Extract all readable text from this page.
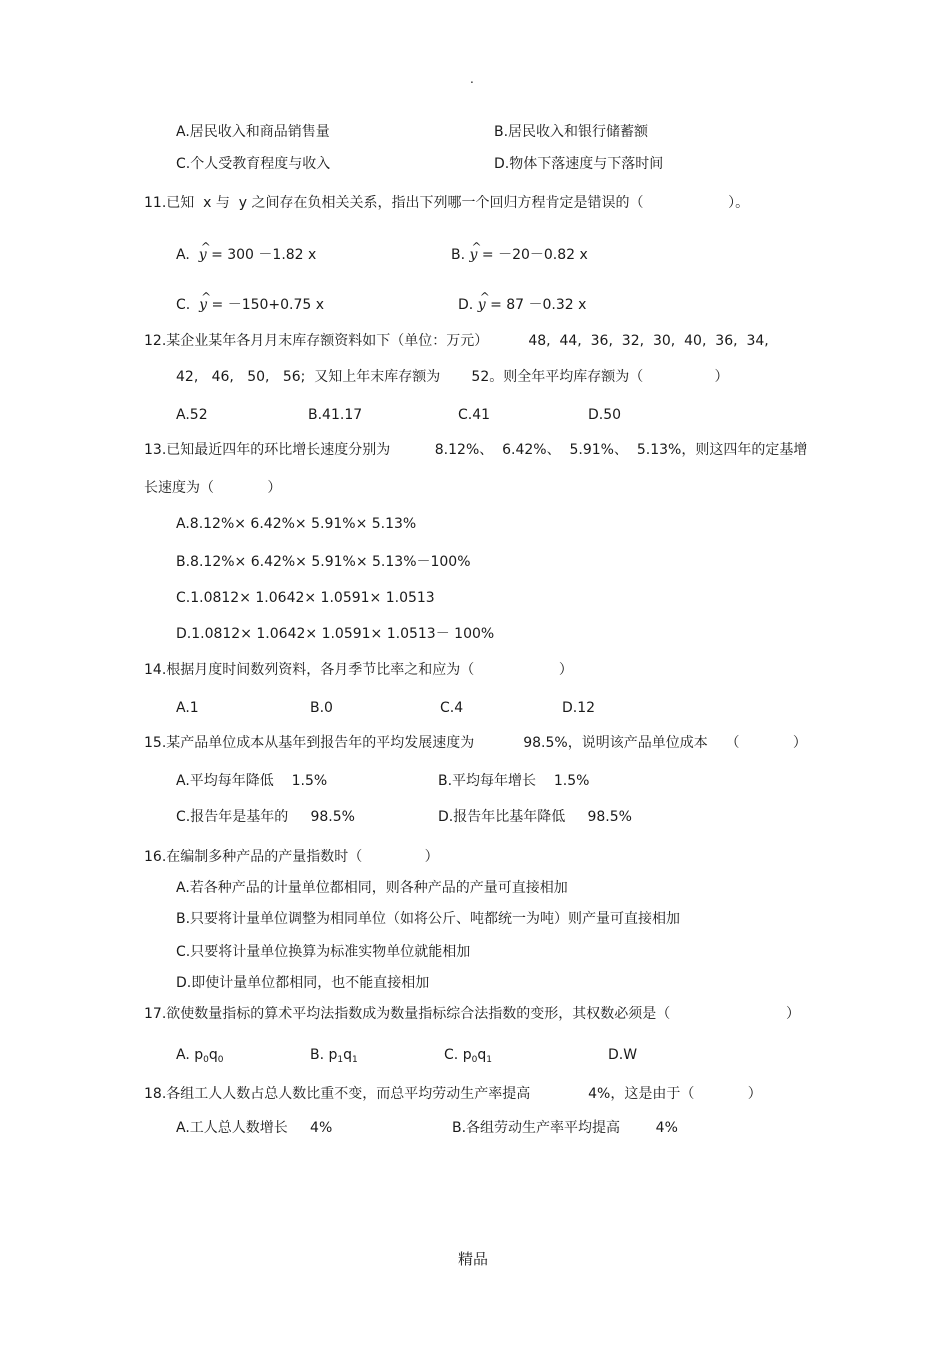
.
A.居民收入和商品销售量	B.居民收入和银行储蓄额
C.个人受教育程度与收入	D.物体下落速度与下落时间
11.已知  x 与  y 之间存在负相关关系，指出下列哪一个回归方程肯定是错误的（                   ）。
A. ^ y = 300 －1.82 x	B. ^ y = －20－0.82 x
C. ^ y = －150+0.75 x	D. ^ y = 87 －0.32 x
12.某企业某年各月月末库存额资料如下（单位：万元）         48,  44,  36,  32,  30,  40,  36,  34,
42,   46,   50,   56;  又知上年末库存额为       52。则全年平均库存额为（                ）
A.52	B.41.17	C.41	D.50
13.已知最近四年的环比增长速度分别为          8.12%、  6.42%、  5.91%、  5.13%，则这四年的定基增
长速度为（            ）
A.8.12%× 6.42%× 5.91%× 5.13%
B.8.12%× 6.42%× 5.91%× 5.13%－100%
C.1.0812× 1.0642× 1.0591× 1.0513
D.1.0812× 1.0642× 1.0591× 1.0513－ 100%
14.根据月度时间数列资料，各月季节比率之和应为（                   ）
A.1	B.0	C.4	D.12
15.某产品单位成本从基年到报告年的平均发展速度为           98.5%，说明该产品单位成本    （            ）
A.平均每年降低    1.5%	B.平均每年增长    1.5%
C.报告年是基年的     98.5%	D.报告年比基年降低     98.5%
16.在编制多种产品的产量指数时（              ）
A.若各种产品的计量单位都相同，则各种产品的产量可直接相加
B.只要将计量单位调整为相同单位（如将公斤、吨都统一为吨）则产量可直接相加
C.只要将计量单位换算为标准实物单位就能相加
D.即使计量单位都相同，也不能直接相加
17.欲使数量指标的算术平均法指数成为数量指标综合法指数的变形，其权数必须是（                          ）
A. $p_0q_0$	B. $p_1q_1$	C. $p_0q_1$	D.W
18.各组工人人数占总人数比重不变，而总平均劳动生产率提高             4%，这是由于（            ）
A.工人总人数增长     4%	B.各组劳动生产率平均提高        4%
精品
